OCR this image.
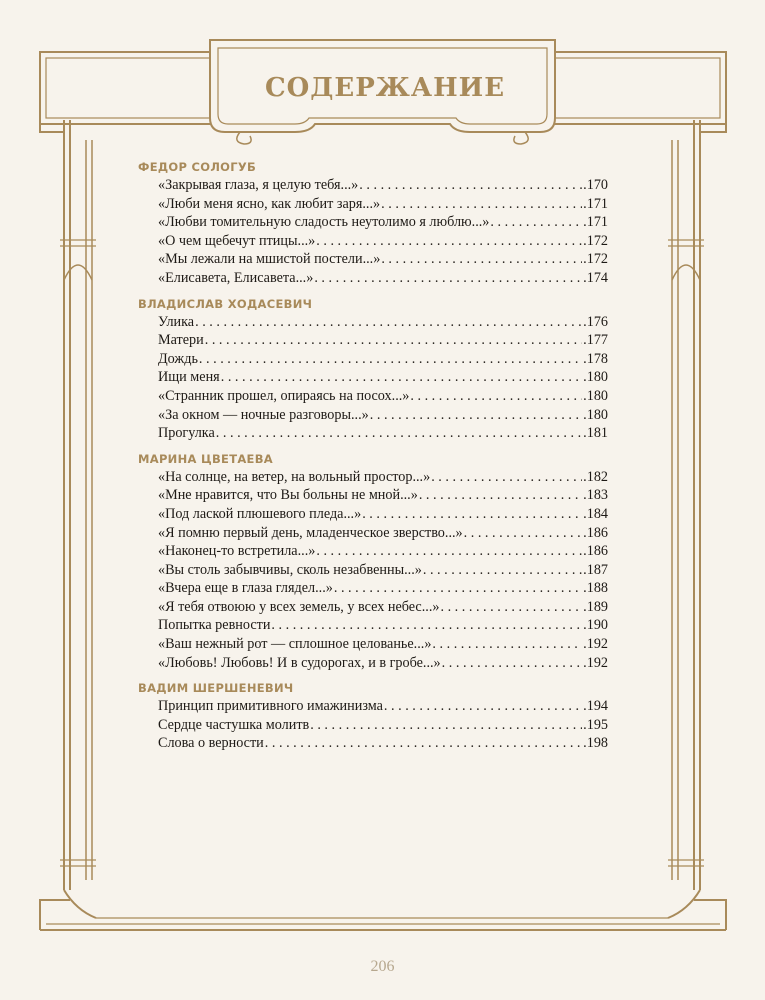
СОДЕРЖАНИЕ
ФЕДОР СОЛОГУБ
«Закрывая глаза, я целую тебя...» . . .	.170
«Люби меня ясно, как любит заря...» . . .	.171
«Любви томительную сладость неутолимо я люблю...» . . .	.171
«О чем щебечут птицы...» . . .	.172
«Мы лежали на мшистой постели...» . . .	.172
«Елисавета, Елисавета...» . . .	.174
ВЛАДИСЛАВ ХОДАСЕВИЧ
Улика . . .	.176
Матери . . .	.177
Дождь . . .	.178
Ищи меня . . .	.180
«Странник прошел, опираясь на посох...» . . .	.180
«За окном — ночные разговоры...» . . .	.180
Прогулка . . .	.181
МАРИНА ЦВЕТАЕВА
«На солнце, на ветер, на вольный простор...» . . .	.182
«Мне нравится, что Вы больны не мной...» . . .	.183
«Под лаской плюшевого пледа...» . . .	.184
«Я помню первый день, младенческое зверство...» . . .	.186
«Наконец-то встретила...» . . .	.186
«Вы столь забывчивы, сколь незабвенны...» . . .	.187
«Вчера еще в глаза глядел...» . . .	.188
«Я тебя отвоюю у всех земель, у всех небес...» . . .	.189
Попытка ревности . . .	.190
«Ваш нежный рот — сплошное целованье...» . . .	.192
«Любовь! Любовь! И в судорогах, и в гробе...» . . .	.192
ВАДИМ ШЕРШЕНЕВИЧ
Принцип примитивного имажинизма . . .	.194
Сердце частушка молитв . . .	.195
Слова о верности . . .	.198
206
